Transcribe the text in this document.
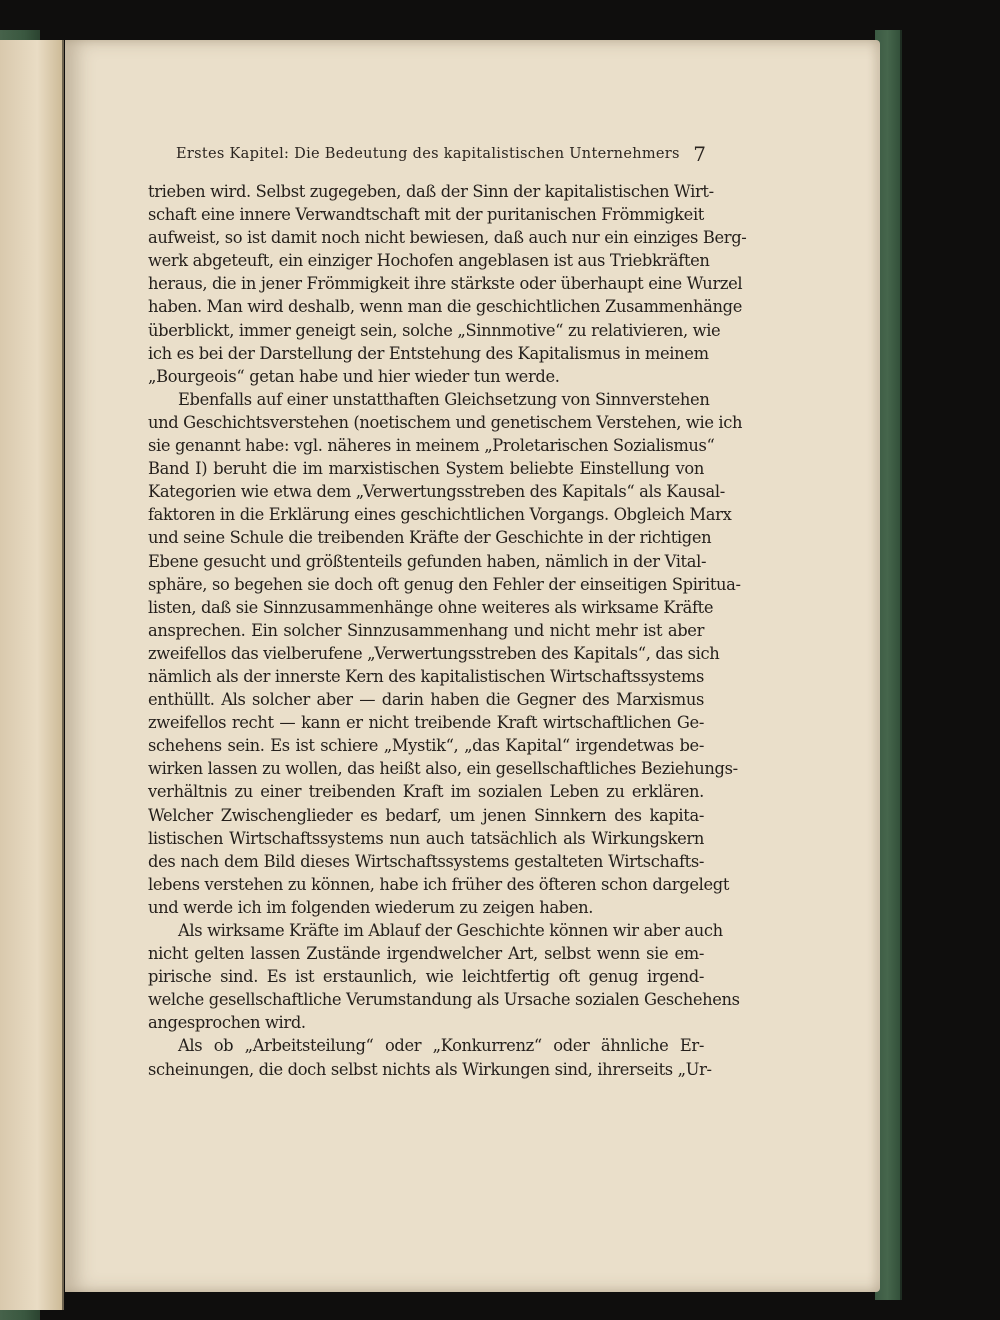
Erstes Kapitel: Die Bedeutung des kapitalistischen Unternehmers 7
trieben wird. Selbst zugegeben, daß der Sinn der kapitalistischen Wirt-
schaft eine innere Verwandtschaft mit der puritanischen Frömmigkeit
aufweist, so ist damit noch nicht bewiesen, daß auch nur ein einziges Berg-
werk abgeteuft, ein einziger Hochofen angeblasen ist aus Triebkräften
heraus, die in jener Frömmigkeit ihre stärkste oder überhaupt eine Wurzel
haben. Man wird deshalb, wenn man die geschichtlichen Zusammenhänge
überblickt, immer geneigt sein, solche „Sinnmotive“ zu relativieren, wie
ich es bei der Darstellung der Entstehung des Kapitalismus in meinem
„Bourgeois“ getan habe und hier wieder tun werde.
Ebenfalls auf einer unstatthaften Gleichsetzung von Sinnverstehen
und Geschichtsverstehen (noetischem und genetischem Verstehen, wie ich
sie genannt habe: vgl. näheres in meinem „Proletarischen Sozialismus“
Band I) beruht die im marxistischen System beliebte Einstellung von
Kategorien wie etwa dem „Verwertungsstreben des Kapitals“ als Kausal-
faktoren in die Erklärung eines geschichtlichen Vorgangs. Obgleich Marx
und seine Schule die treibenden Kräfte der Geschichte in der richtigen
Ebene gesucht und größtenteils gefunden haben, nämlich in der Vital-
sphäre, so begehen sie doch oft genug den Fehler der einseitigen Spiritua-
listen, daß sie Sinnzusammenhänge ohne weiteres als wirksame Kräfte
ansprechen. Ein solcher Sinnzusammenhang und nicht mehr ist aber
zweifellos das vielberufene „Verwertungsstreben des Kapitals“, das sich
nämlich als der innerste Kern des kapitalistischen Wirtschaftssystems
enthüllt. Als solcher aber — darin haben die Gegner des Marxismus
zweifellos recht — kann er nicht treibende Kraft wirtschaftlichen Ge-
schehens sein. Es ist schiere „Mystik“, „das Kapital“ irgendetwas be-
wirken lassen zu wollen, das heißt also, ein gesellschaftliches Beziehungs-
verhältnis zu einer treibenden Kraft im sozialen Leben zu erklären.
Welcher Zwischenglieder es bedarf, um jenen Sinnkern des kapita-
listischen Wirtschaftssystems nun auch tatsächlich als Wirkungskern
des nach dem Bild dieses Wirtschaftssystems gestalteten Wirtschafts-
lebens verstehen zu können, habe ich früher des öfteren schon dargelegt
und werde ich im folgenden wiederum zu zeigen haben.
Als wirksame Kräfte im Ablauf der Geschichte können wir aber auch
nicht gelten lassen Zustände irgendwelcher Art, selbst wenn sie em-
pirische sind. Es ist erstaunlich, wie leichtfertig oft genug irgend-
welche gesellschaftliche Verumstandung als Ursache sozialen Geschehens
angesprochen wird.
Als ob „Arbeitsteilung“ oder „Konkurrenz“ oder ähnliche Er-
scheinungen, die doch selbst nichts als Wirkungen sind, ihrerseits „Ur-
